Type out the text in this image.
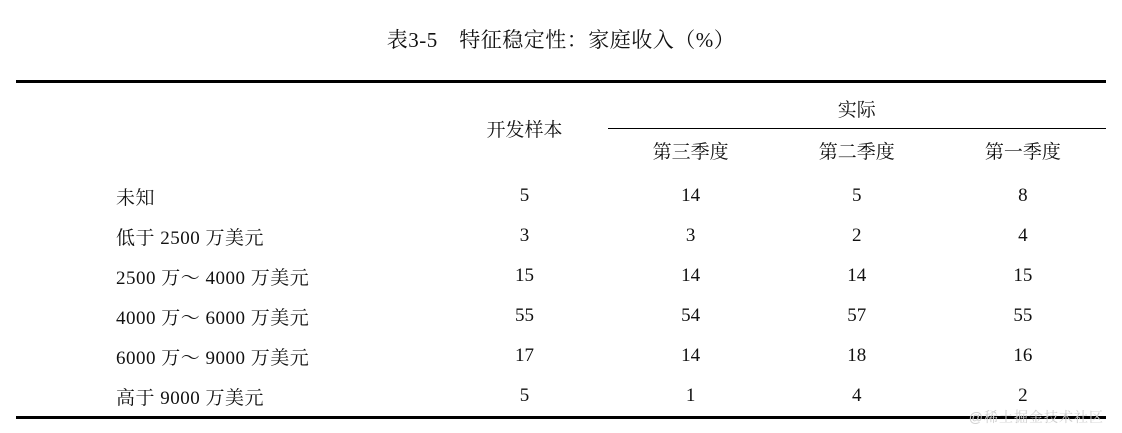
表3-5　特征稳定性：家庭收入（%）

	开发样本	实际		
		第三季度	第二季度	第一季度
未知	5	14	5	8
低于 2500 万美元	3	3	2	4
2500 万～ 4000 万美元	15	14	14	15
4000 万～ 6000 万美元	55	54	57	55
6000 万～ 9000 万美元	17	14	18	16
高于 9000 万美元	5	1	4	2

@稀土掘金技术社区
